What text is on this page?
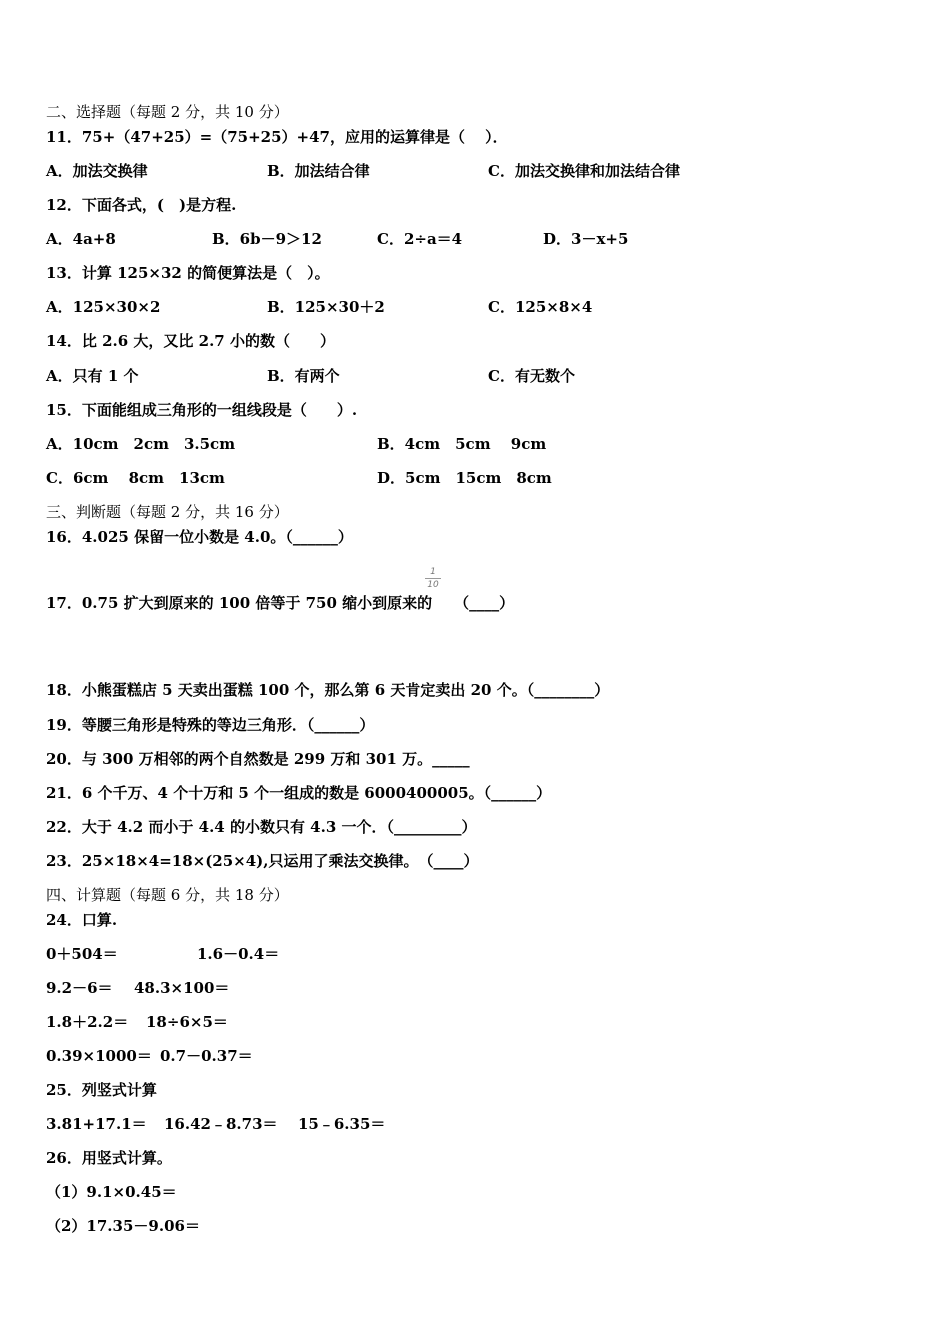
二、选择题（每题 2 分，共 10 分）
11．75+（47+25）=（75+25）+47，应用的运算律是（　 ）．
A．加法交换律	B．加法结合律	C．加法交换律和加法结合律
12．下面各式，(　)是方程.
A．4a+8	B．6b－9＞12	C．2÷a＝4	D．3－x+5
13．计算 125×32 的简便算法是（　）。
A．125×30×2	B．125×30＋2	C．125×8×4
14．比 2.6 大，又比 2.7 小的数（　　）
A．只有 1 个	B．有两个	C．有无数个
15．下面能组成三角形的一组线段是（　　）.
A．10cm　2cm　3.5cm	B．4cm　5cm　 9cm
C．6cm　 8cm　13cm	D．5cm　15cm　8cm
三、判断题（每题 2 分，共 16 分）
16．4.025 保留一位小数是 4.0。（______）
17．0.75 扩大到原来的 100 倍等于 750 缩小到原来的 （____）
1
10
18．小熊蛋糕店 5 天卖出蛋糕 100 个，那么第 6 天肯定卖出 20 个。（________）
19．等腰三角形是特殊的等边三角形．（______）
20．与 300 万相邻的两个自然数是 299 万和 301 万。_____
21．6 个千万、4 个十万和 5 个一组成的数是 6000400005。（______）
22．大于 4.2 而小于 4.4 的小数只有 4.3 一个．（_________）
23．25×18×4=18×(25×4),只运用了乘法交换律。　（____）
四、计算题（每题 6 分，共 18 分）
24．口算.
0＋504＝	1.6－0.4＝
9.2－6＝ 48.3×100＝
1.8＋2.2＝ 18÷6×5＝
0.39×1000＝ 0.7－0.37＝
25．列竖式计算
3.81+17.1＝ 16.42﹣8.73＝ 15﹣6.35＝
26．用竖式计算。
（1）9.1×0.45＝
（2）17.35－9.06＝
